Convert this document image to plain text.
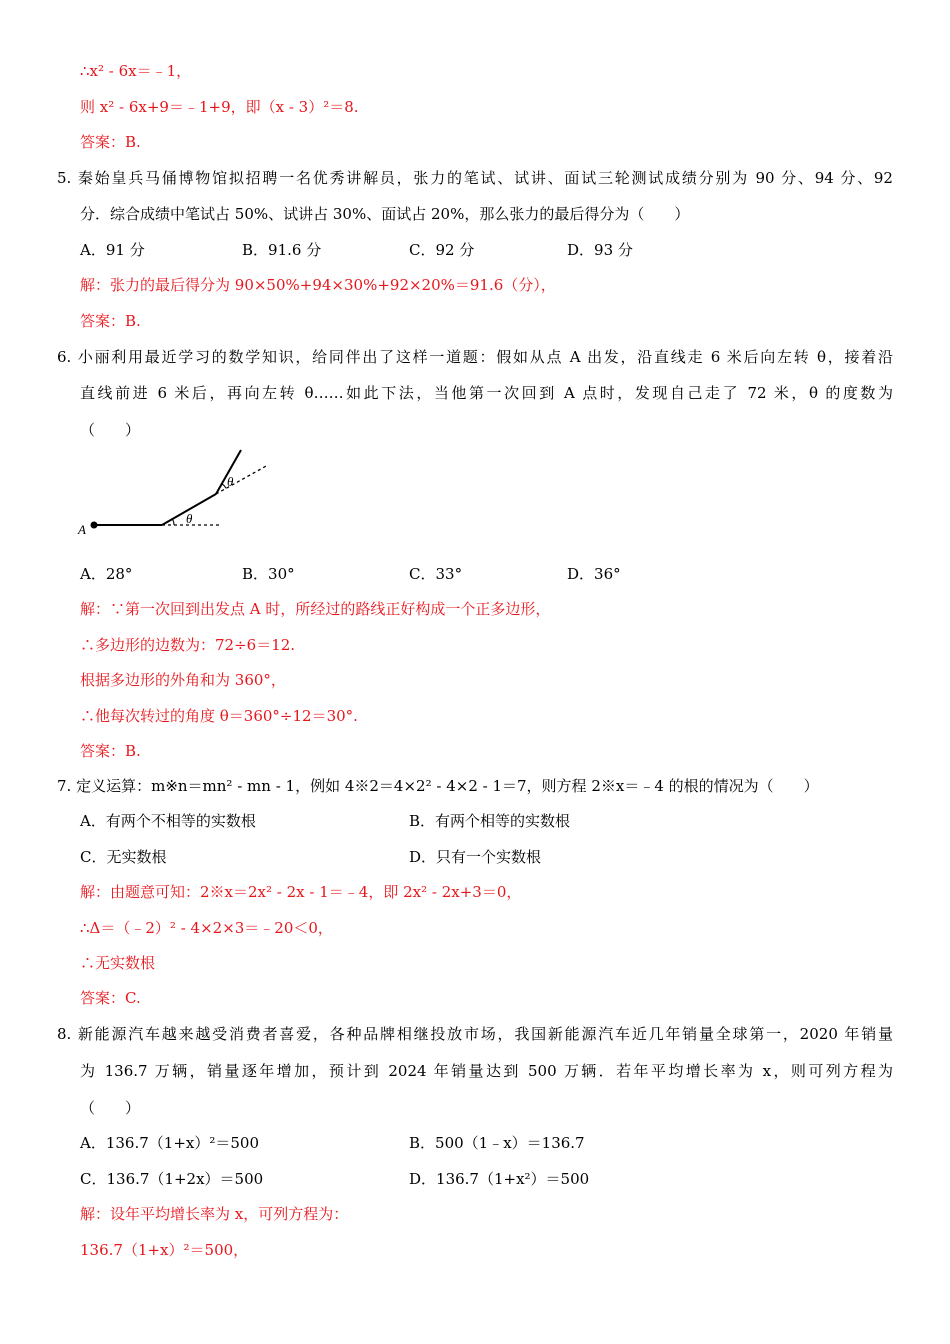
∴x² - 6x＝﹣1，
则 x² - 6x+9＝﹣1+9，即（x - 3）²＝8.
答案：B.
5. 秦始皇兵马俑博物馆拟招聘一名优秀讲解员，张力的笔试、试讲、面试三轮测试成绩分别为 90 分、94 分、92
分．综合成绩中笔试占 50%、试讲占 30%、面试占 20%，那么张力的最后得分为（　　）
A．91 分	B．91.6 分	C．92 分	D．93 分
解：张力的最后得分为 90×50%+94×30%+92×20%＝91.6（分），
答案：B.
6. 小丽利用最近学习的数学知识，给同伴出了这样一道题：假如从点 A 出发，沿直线走 6 米后向左转 θ，接着沿
直线前进 6 米后，再向左转 θ……如此下法，当他第一次回到 A 点时，发现自己走了 72 米，θ 的度数为
（　　）
A
θ
θ
A．28°	B．30°	C．33°	D．36°
解：∵第一次回到出发点 A 时，所经过的路线正好构成一个正多边形，
∴多边形的边数为：72÷6＝12.
根据多边形的外角和为 360°，
∴他每次转过的角度 θ＝360°÷12＝30°.
答案：B.
7. 定义运算：m※n＝mn² - mn - 1，例如 4※2＝4×2² - 4×2 - 1＝7，则方程 2※x＝﹣4 的根的情况为（　　）
A．有两个不相等的实数根	B．有两个相等的实数根
C．无实数根	D．只有一个实数根
解：由题意可知：2※x＝2x² - 2x - 1＝﹣4，即 2x² - 2x+3＝0，
∴Δ＝（﹣2）² - 4×2×3＝﹣20＜0，
∴无实数根
答案：C.
8. 新能源汽车越来越受消费者喜爱，各种品牌相继投放市场，我国新能源汽车近几年销量全球第一，2020 年销量
为 136.7 万辆，销量逐年增加，预计到 2024 年销量达到 500 万辆．若年平均增长率为 x，则可列方程为
（　　）
A．136.7（1+x）²＝500	B．500（1﹣x）＝136.7
C．136.7（1+2x）＝500	D．136.7（1+x²）＝500
解：设年平均增长率为 x，可列方程为：
136.7（1+x）²＝500，
